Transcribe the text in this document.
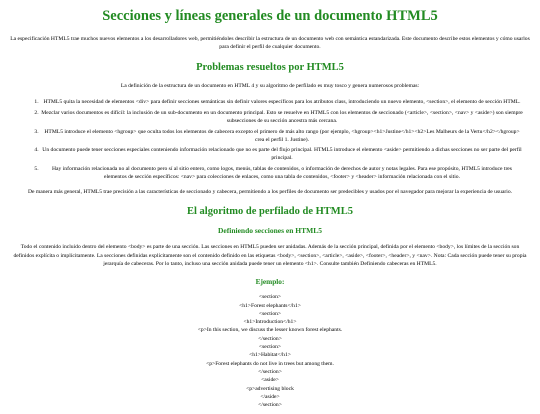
Secciones y líneas generales de un documento HTML5

La especificación HTML5 trae muchos nuevos elementos a los desarrolladores web, permitiéndoles describir la estructura de un documento web con semántica estandarizada. Este documento describe estos elementos y cómo usarlos para definir el perfil de cualquier documento.

Problemas resueltos por HTML5

La definición de la estructura de un documento en HTML 4 y su algoritmo de perfilado es muy tosco y genera numerosos problemas:

1. HTML5 quita la necesidad de elementos <div> para definir secciones semánticas sin definir valores específicos para los atributos class, introduciendo un nuevo elemento, <section>, el elemento de sección HTML.
2. Mezclar varios documentos es difícil: la inclusión de un sub-documento en un documento principal. Esto se resuelve en HTML5 con los elementos de seccionado (<article>, <section>, <nav> y <aside>) son siempre subsecciones de su sección ancestra más cercana.
3. HTML5 introduce el elemento <hgroup> que oculta todos los elementos de cabecera excepto el primero de más alto rango (por ejemplo, <hgroup><h1>Justine</h1><h2>Les Malheurs de la Vertu</h2></hgroup> crea el perfil 1. Justine).
4. Un documento puede tener secciones especiales conteniendo información relacionado que no es parte del flujo principal. HTML5 introduce el elemento <aside> permitiendo a dichas secciones no ser parte del perfil principal.
5. Hay información relacionada no al documento pero sí al sitio entero, como logos, menús, tablas de contenidos, o información de derechos de autor y notas legales. Para ese propósito, HTML5 introduce tres elementos de sección específicos: <nav> para colecciones de enlaces, como una tabla de contenidos, <footer> y <header> información relacionada con el sitio.

De manera más general, HTML5 trae precisión a las características de seccionado y cabecera, permitiendo a los perfiles de documento ser predecibles y usados por el navegador para mejorar la experiencia de usuario.

El algoritmo de perfilado de HTML5
Definiendo secciones en HTML5

Todo el contenido incluido dentro del elemento <body> es parte de una sección. Las secciones en HTML5 pueden ser anidadas. Además de la sección principal, definida por el elemento <body>, los límites de la sección son definidos explícita o implícitamente. La secciones definidas explícitamente son el contenido definido en las etiquetas <body>, <section>, <article>, <aside>, <footer>, <header>, y <nav>. Nota: Cada sección puede tener su propia jerarquía de cabeceras. Por lo tanto, incluso una sección anidada puede tener un elemento <h1>. Consulte también Definiendo cabeceras en HTML5.

Ejemplo:
<section>
<h1>Forest elephants</h1>
<section>
<h1>Introduction</h1>
<p>In this section, we discuss the lesser known forest elephants.
</section>
<section>
<h1>Habitat</h1>
<p>Forest elephants do not live in trees but among them.
</section>
<aside>
<p>advertising block
</aside>
</section>
